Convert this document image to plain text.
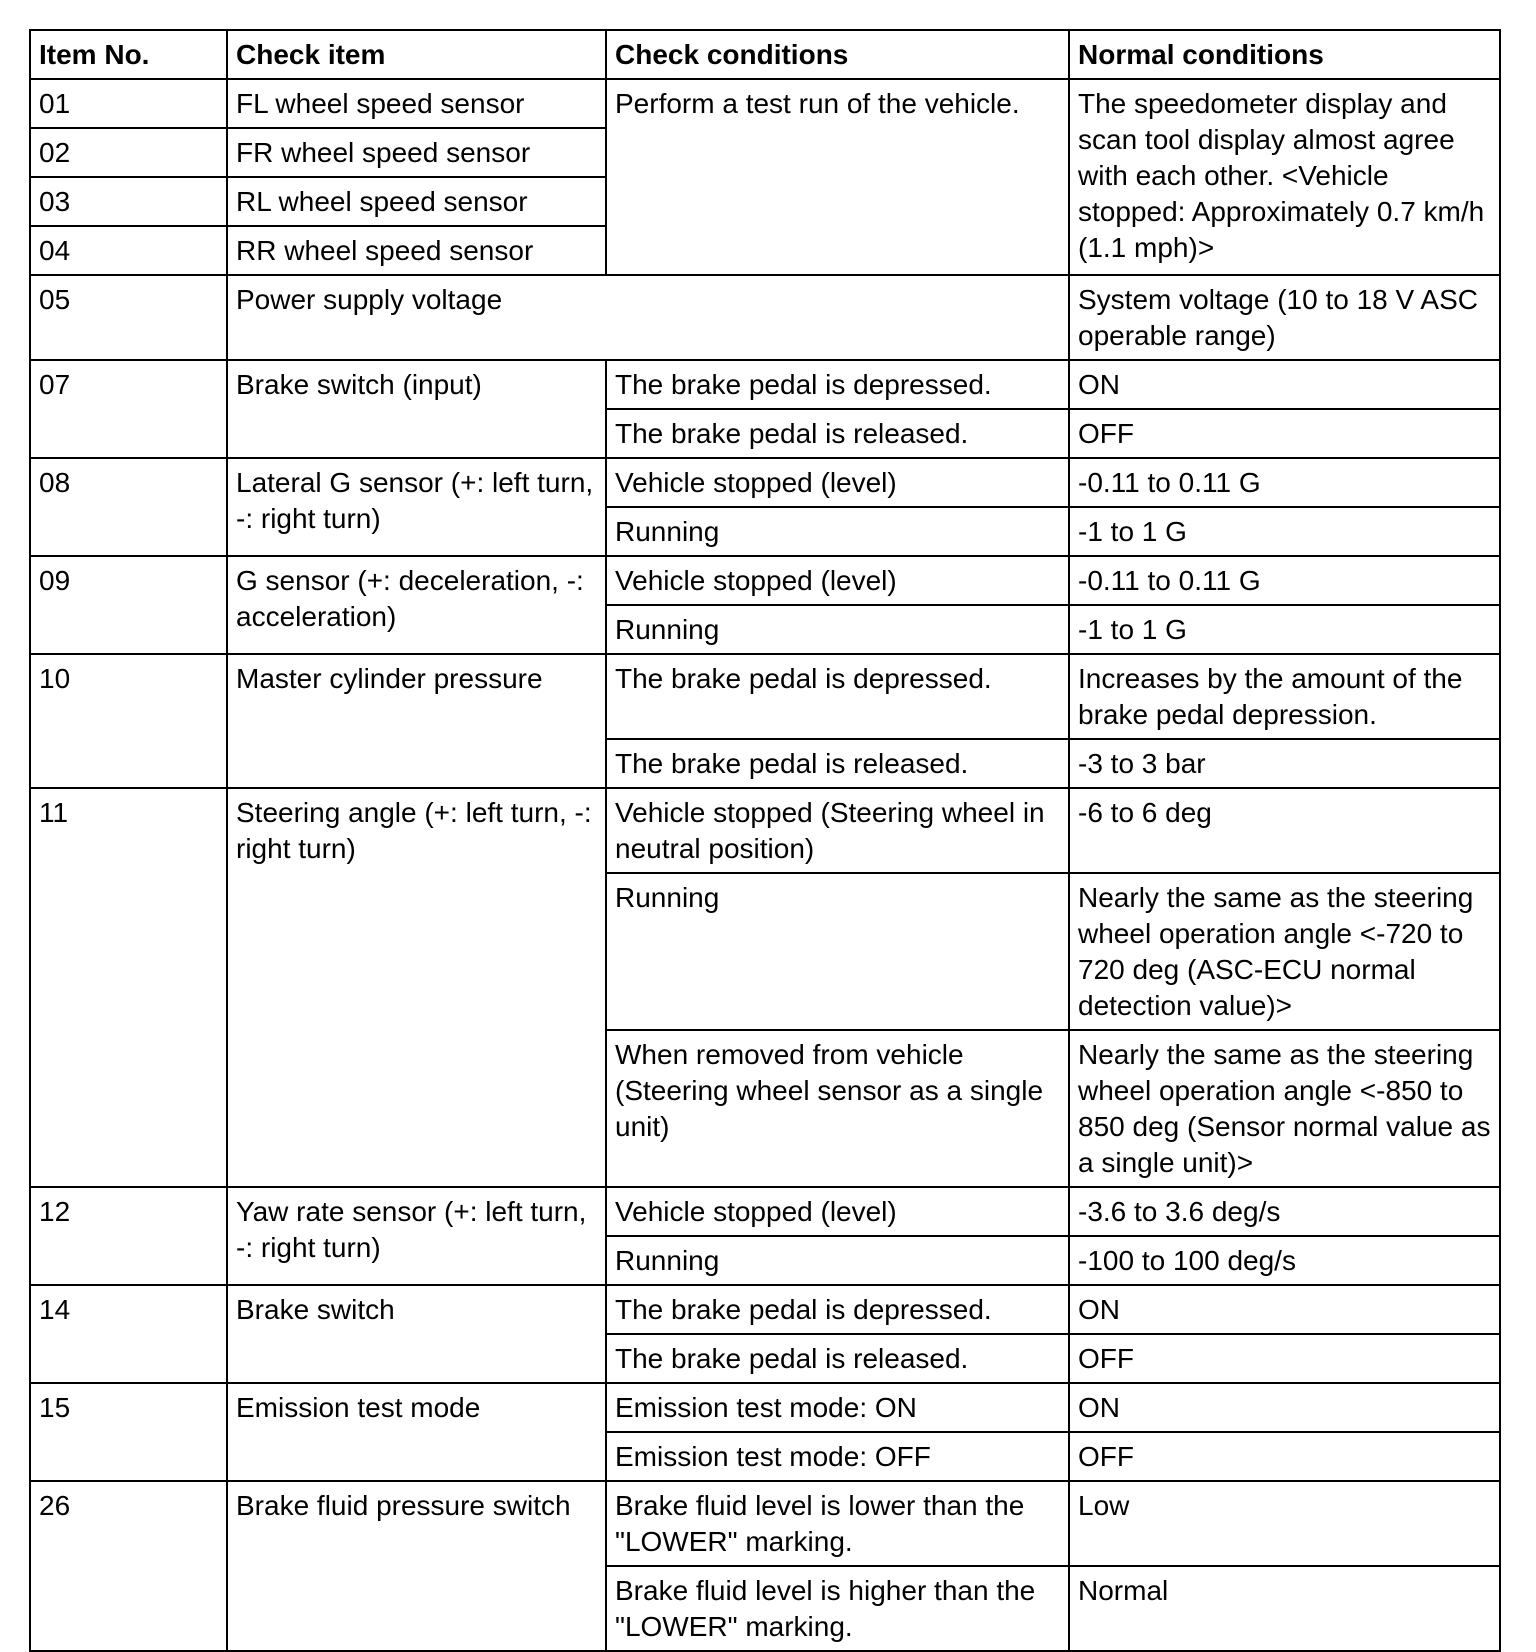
Item No.	Check item	Check conditions	Normal conditions
01	FL wheel speed sensor	Perform a test run of the vehicle.	The speedometer display and scan tool display almost agree with each other. <Vehicle stopped: Approximately 0.7 km/h (1.1 mph)>
02	FR wheel speed sensor		
03	RL wheel speed sensor		
04	RR wheel speed sensor		
05	Power supply voltage		System voltage (10 to 18 V ASC operable range)
07	Brake switch (input)	The brake pedal is depressed.	ON
		The brake pedal is released.	OFF
08	Lateral G sensor (+: left turn, -: right turn)	Vehicle stopped (level)	-0.11 to 0.11 G
		Running	-1 to 1 G
09	G sensor (+: deceleration, -: acceleration)	Vehicle stopped (level)	-0.11 to 0.11 G
		Running	-1 to 1 G
10	Master cylinder pressure	The brake pedal is depressed.	Increases by the amount of the brake pedal depression.
		The brake pedal is released.	-3 to 3 bar
11	Steering angle (+: left turn, -: right turn)	Vehicle stopped (Steering wheel in neutral position)	-6 to 6 deg
		Running	Nearly the same as the steering wheel operation angle <-720 to 720 deg (ASC-ECU normal detection value)>
		When removed from vehicle (Steering wheel sensor as a single unit)	Nearly the same as the steering wheel operation angle <-850 to 850 deg (Sensor normal value as a single unit)>
12	Yaw rate sensor (+: left turn, -: right turn)	Vehicle stopped (level)	-3.6 to 3.6 deg/s
		Running	-100 to 100 deg/s
14	Brake switch	The brake pedal is depressed.	ON
		The brake pedal is released.	OFF
15	Emission test mode	Emission test mode: ON	ON
		Emission test mode: OFF	OFF
26	Brake fluid pressure switch	Brake fluid level is lower than the "LOWER" marking.	Low
		Brake fluid level is higher than the "LOWER" marking.	Normal
